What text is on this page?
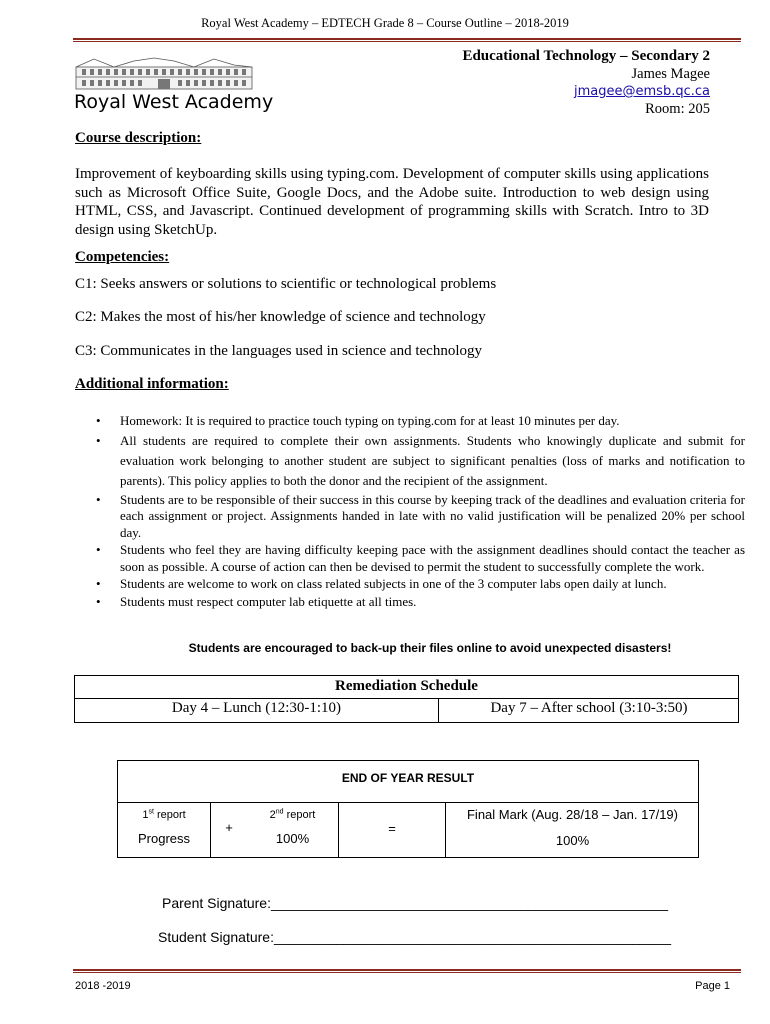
Royal West Academy – EDTECH Grade 8 – Course Outline – 2018-2019
Royal West Academy
Educational Technology – Secondary 2
James Magee
jmagee@emsb.qc.ca
Room: 205
Course description:
Improvement of keyboarding skills using typing.com. Development of computer skills using applications such as Microsoft Office Suite, Google Docs, and the Adobe suite. Introduction to web design using HTML, CSS, and Javascript. Continued development of programming skills with Scratch. Intro to 3D design using SketchUp.
Competencies:
C1: Seeks answers or solutions to scientific or technological problems
C2: Makes the most of his/her knowledge of science and technology
C3: Communicates in the languages used in science and technology
Additional information:
• Homework: It is required to practice touch typing on typing.com for at least 10 minutes per day.
• All students are required to complete their own assignments. Students who knowingly duplicate and submit for evaluation work belonging to another student are subject to significant penalties (loss of marks and notification to parents). This policy applies to both the donor and the recipient of the assignment.
• Students are to be responsible of their success in this course by keeping track of the deadlines and evaluation criteria for each assignment or project. Assignments handed in late with no valid justification will be penalized 20% per school day.
• Students who feel they are having difficulty keeping pace with the assignment deadlines should contact the teacher as soon as possible. A course of action can then be devised to permit the student to successfully complete the work.
• Students are welcome to work on class related subjects in one of the 3 computer labs open daily at lunch.
• Students must respect computer lab etiquette at all times.
Students are encouraged to back-up their files online to avoid unexpected disasters!
Remediation Schedule
Day 4 – Lunch (12:30-1:10)	Day 7 – After school (3:10-3:50)
END OF YEAR RESULT
1st report
Progress
+
2nd report
100%
=
Final Mark (Aug. 28/18 – Jan. 17/19)
100%
Parent Signature:___________________________________________________
Student Signature:___________________________________________________
2018 -2019	Page 1
